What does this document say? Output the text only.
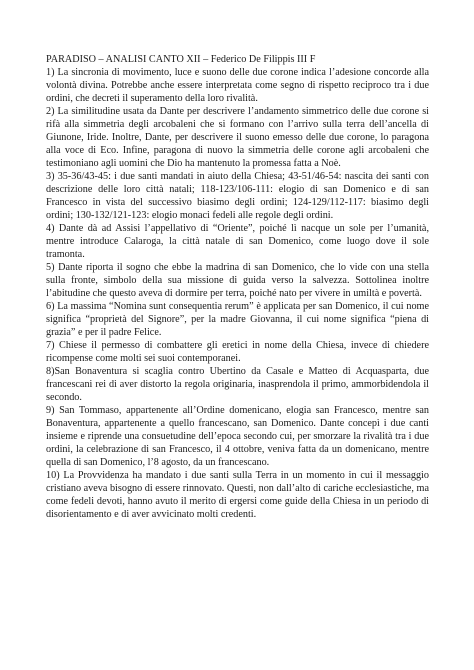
PARADISO – ANALISI CANTO XII – Federico De Filippis III F

1) La sincronia di movimento, luce e suono delle due corone indica l’adesione concorde alla volontà divina. Potrebbe anche essere interpretata come segno di rispetto reciproco tra i due ordini, che decreti il superamento della loro rivalità.

2) La similitudine usata da Dante per descrivere l’andamento simmetrico delle due corone si rifà alla simmetria degli arcobaleni che si formano con l’arrivo sulla terra dell’ancella di Giunone, Iride. Inoltre, Dante, per descrivere il suono emesso delle due corone, lo paragona alla voce di Eco. Infine, paragona di nuovo la simmetria delle corone agli arcobaleni che testimoniano agli uomini che Dio ha mantenuto la promessa fatta a Noè.

3) 35-36/43-45: i due santi mandati in aiuto della Chiesa; 43-51/46-54: nascita dei santi con descrizione delle loro città natali; 118-123/106-111: elogio di san Domenico e di san Francesco in vista del successivo biasimo degli ordini; 124-129/112-117: biasimo degli ordini; 130-132/121-123: elogio monaci fedeli alle regole degli ordini.

4) Dante dà ad Assisi l’appellativo di “Oriente”, poiché lì nacque un sole per l’umanità, mentre introduce Calaroga, la città natale di san Domenico, come luogo dove il sole tramonta.

5) Dante riporta il sogno che ebbe la madrina di san Domenico, che lo vide con una stella sulla fronte, simbolo della sua missione di guida verso la salvezza. Sottolinea inoltre l’abitudine che questo aveva di dormire per terra, poiché nato per vivere in umiltà e povertà.

6) La massima “Nomina sunt consequentia rerum” è applicata per san Domenico, il cui nome significa “proprietà del Signore”, per la madre Giovanna, il cui nome significa “piena di grazia” e per il padre Felice.

7) Chiese il permesso di combattere gli eretici in nome della Chiesa, invece di chiedere ricompense come molti sei suoi contemporanei.

8)San Bonaventura si scaglia contro Ubertino da Casale e Matteo di Acquasparta, due francescani rei di aver distorto la regola originaria, inasprendola il primo, ammorbidendola il secondo.

9) San Tommaso, appartenente all’Ordine domenicano, elogia san Francesco, mentre san Bonaventura, appartenente a quello francescano, san Domenico. Dante concepì i due canti insieme e riprende una consuetudine dell’epoca secondo cui, per smorzare la rivalità tra i due ordini, la celebrazione di san Francesco, il 4 ottobre, veniva fatta da un domenicano, mentre quella di san Domenico, l’8 agosto, da un francescano.

10) La Provvidenza ha mandato i due santi sulla Terra in un momento in cui il messaggio cristiano aveva bisogno di essere rinnovato. Questi, non dall’alto di cariche ecclesiastiche, ma come fedeli devoti, hanno avuto il merito di ergersi come guide della Chiesa in un periodo di disorientamento e di aver avvicinato molti credenti.
